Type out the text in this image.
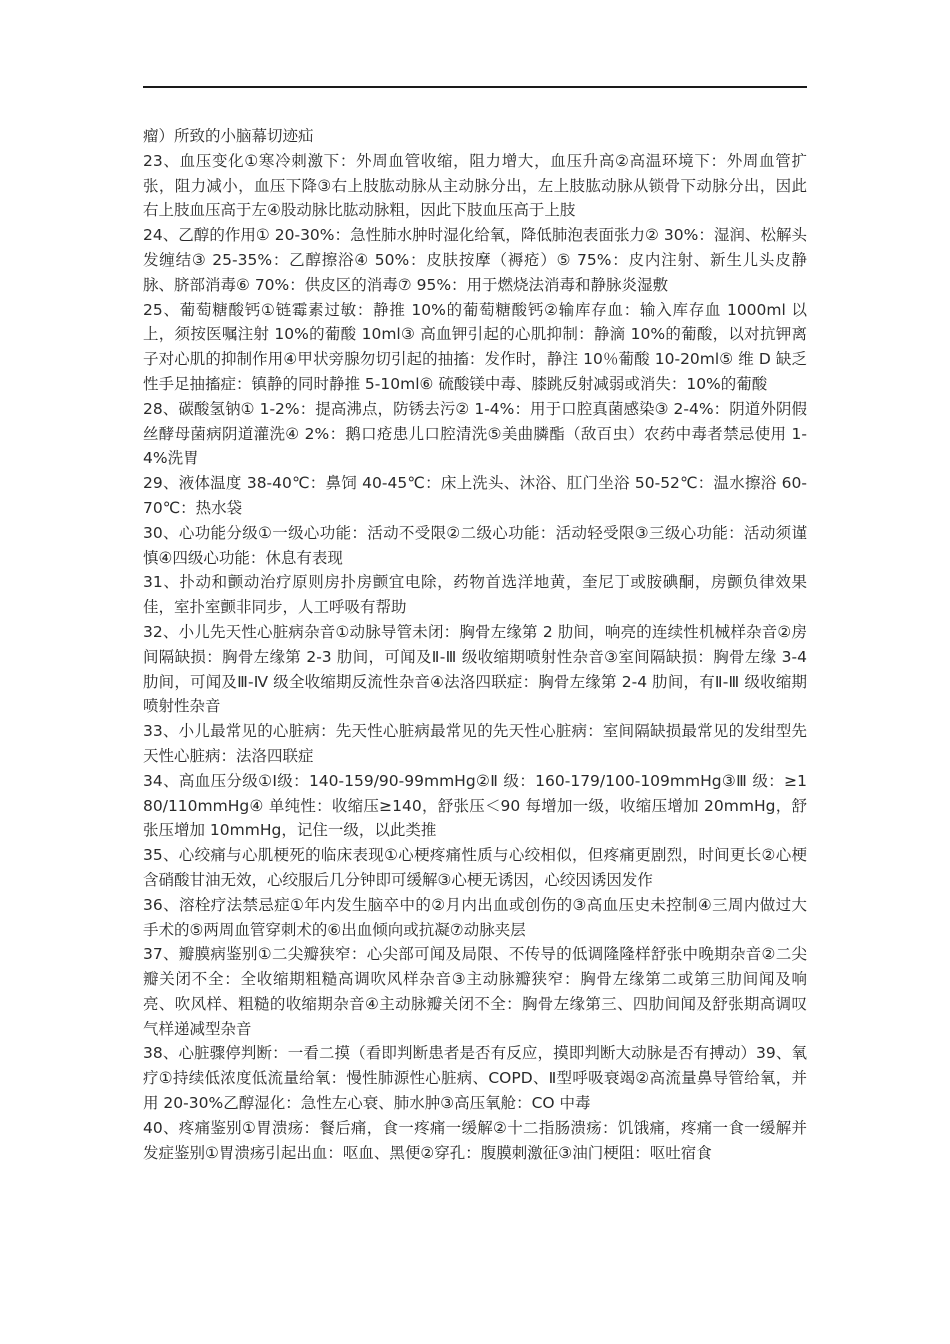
瘤）所致的小脑幕切迹疝

23、血压变化①寒冷刺激下：外周血管收缩，阻力增大，血压升高②高温环境下：外周血管扩张，阻力减小，血压下降③右上肢肱动脉从主动脉分出，左上肢肱动脉从锁骨下动脉分出，因此右上肢血压高于左④股动脉比肱动脉粗，因此下肢血压高于上肢

24、乙醇的作用① 20-30%：急性肺水肿时湿化给氧，降低肺泡表面张力② 30%：湿润、松解头发缠结③ 25-35%：乙醇擦浴④ 50%：皮肤按摩（褥疮）⑤ 75%：皮内注射、新生儿头皮静脉、脐部消毒⑥ 70%：供皮区的消毒⑦ 95%：用于燃烧法消毒和静脉炎湿敷

25、葡萄糖酸钙①链霉素过敏：静推 10%的葡萄糖酸钙②输库存血：输入库存血 1000ml 以上，须按医嘱注射 10%的葡酸 10ml③ 高血钾引起的心肌抑制：静滴 10%的葡酸，以对抗钾离子对心肌的抑制作用④甲状旁腺勿切引起的抽搐：发作时，静注 10％葡酸 10-20ml⑤ 维 D 缺乏性手足抽搐症：镇静的同时静推 5-10ml⑥ 硫酸镁中毒、膝跳反射减弱或消失：10%的葡酸

28、碳酸氢钠① 1-2%：提高沸点，防锈去污② 1-4%：用于口腔真菌感染③ 2-4%：阴道外阴假丝酵母菌病阴道灌洗④ 2%：鹅口疮患儿口腔清洗⑤美曲膦酯（敌百虫）农药中毒者禁忌使用 1-4%洗胃

29、液体温度 38-40℃：鼻饲 40-45℃：床上洗头、沐浴、肛门坐浴 50-52℃：温水擦浴 60-70℃：热水袋

30、心功能分级①一级心功能：活动不受限②二级心功能：活动轻受限③三级心功能：活动须谨慎④四级心功能：休息有表现

31、扑动和颤动治疗原则房扑房颤宜电除，药物首选洋地黄，奎尼丁或胺碘酮，房颤负律效果佳，室扑室颤非同步，人工呼吸有帮助

32、小儿先天性心脏病杂音①动脉导管未闭：胸骨左缘第 2 肋间，响亮的连续性机械样杂音②房间隔缺损：胸骨左缘第 2-3 肋间，可闻及Ⅱ-Ⅲ 级收缩期喷射性杂音③室间隔缺损：胸骨左缘 3-4 肋间，可闻及Ⅲ-Ⅳ 级全收缩期反流性杂音④法洛四联症：胸骨左缘第 2-4 肋间，有Ⅱ-Ⅲ 级收缩期喷射性杂音

33、小儿最常见的心脏病：先天性心脏病最常见的先天性心脏病：室间隔缺损最常见的发绀型先天性心脏病：法洛四联症

34、高血压分级①Ⅰ级：140-159/90-99mmHg②Ⅱ 级：160-179/100-109mmHg③Ⅲ 级：≥180/110mmHg④ 单纯性：收缩压≥140，舒张压＜90 每增加一级，收缩压增加 20mmHg，舒张压增加 10mmHg，记住一级，以此类推

35、心绞痛与心肌梗死的临床表现①心梗疼痛性质与心绞相似，但疼痛更剧烈，时间更长②心梗含硝酸甘油无效，心绞服后几分钟即可缓解③心梗无诱因，心绞因诱因发作

36、溶栓疗法禁忌症①年内发生脑卒中的②月内出血或创伤的③高血压史未控制④三周内做过大手术的⑤两周血管穿刺术的⑥出血倾向或抗凝⑦动脉夹层

37、瓣膜病鉴别①二尖瓣狭窄：心尖部可闻及局限、不传导的低调隆隆样舒张中晚期杂音②二尖瓣关闭不全：全收缩期粗糙高调吹风样杂音③主动脉瓣狭窄：胸骨左缘第二或第三肋间闻及响亮、吹风样、粗糙的收缩期杂音④主动脉瓣关闭不全：胸骨左缘第三、四肋间闻及舒张期高调叹气样递减型杂音

38、心脏骤停判断：一看二摸（看即判断患者是否有反应，摸即判断大动脉是否有搏动）39、氧疗①持续低浓度低流量给氧：慢性肺源性心脏病、COPD、Ⅱ型呼吸衰竭②高流量鼻导管给氧，并用 20-30%乙醇湿化：急性左心衰、肺水肿③高压氧舱：CO 中毒

40、疼痛鉴别①胃溃疡：餐后痛，食一疼痛一缓解②十二指肠溃疡：饥饿痛，疼痛一食一缓解并发症鉴别①胃溃疡引起出血：呕血、黑便②穿孔：腹膜刺激征③油门梗阻：呕吐宿食
